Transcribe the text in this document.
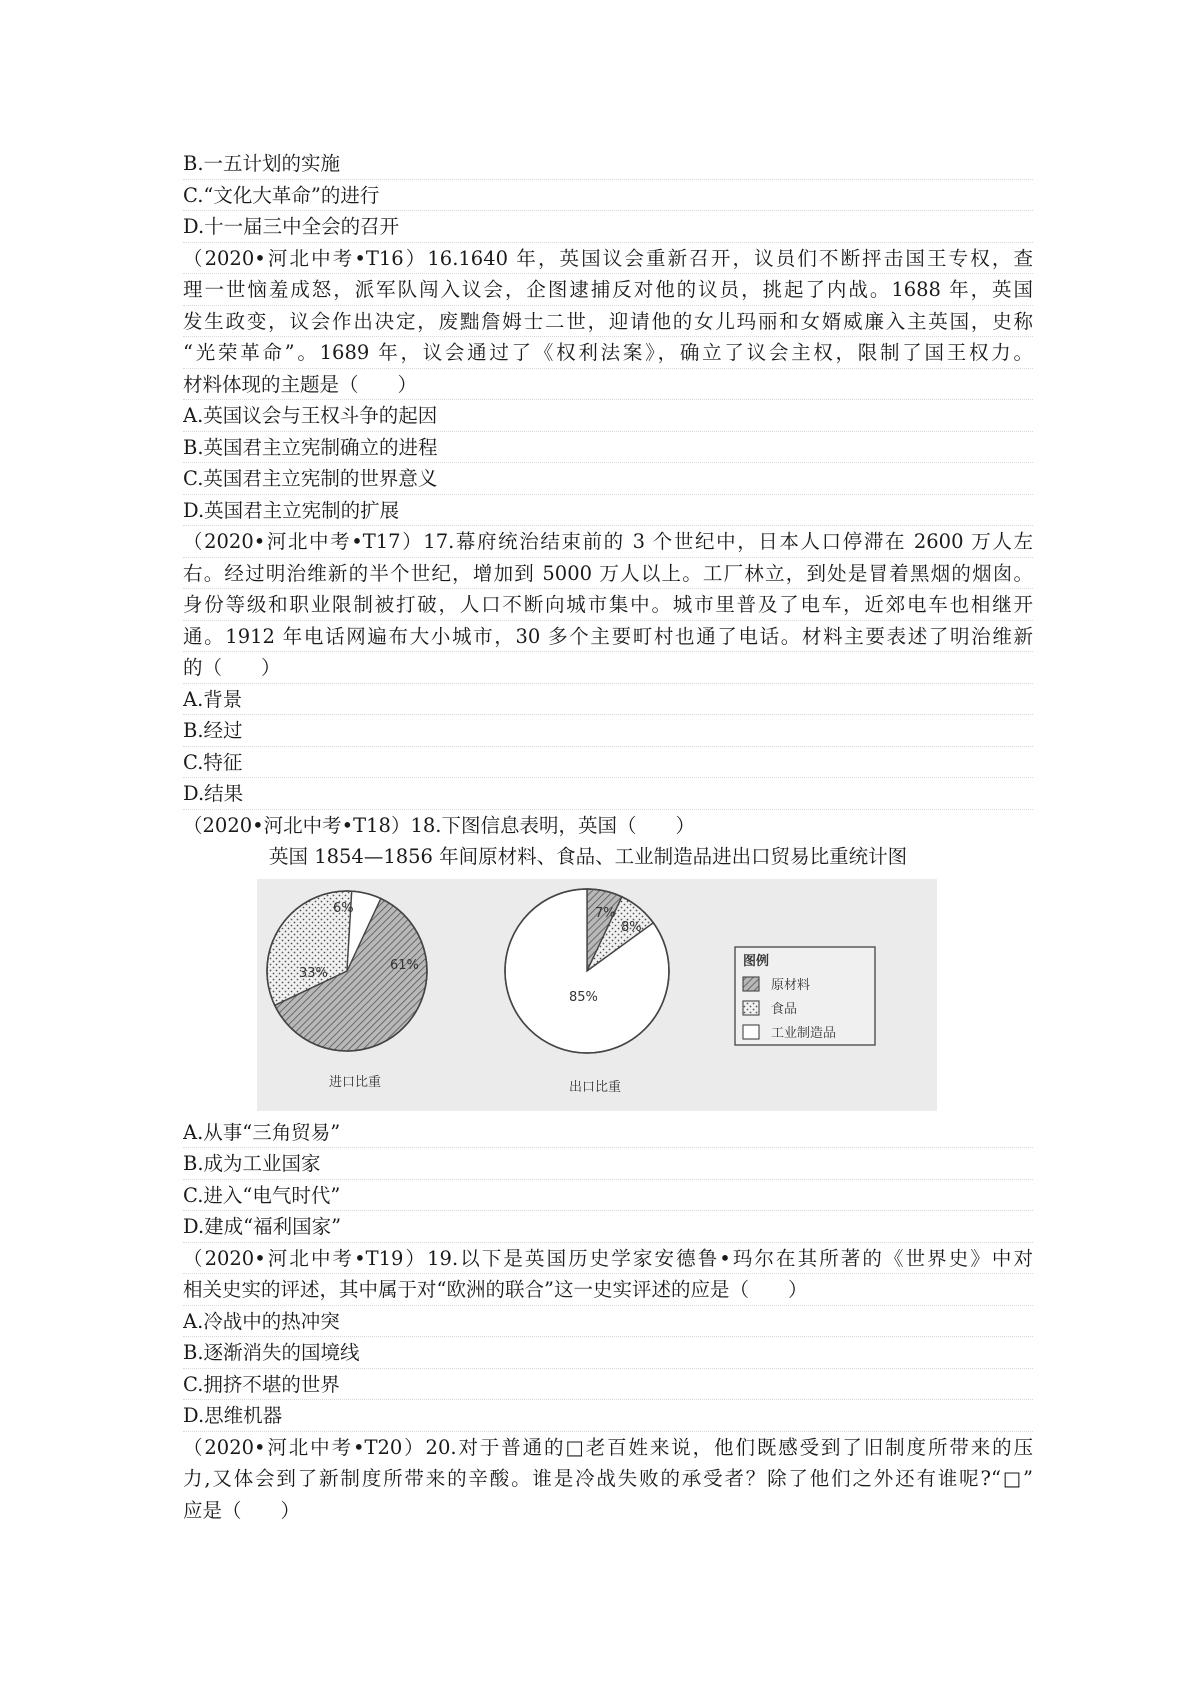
B.一五计划的实施
C.“文化大革命”的进行
D.十一届三中全会的召开
（2020•河北中考•T16）16.1640 年，英国议会重新召开，议员们不断抨击国王专权，查
理一世恼羞成怒，派军队闯入议会，企图逮捕反对他的议员，挑起了内战。1688 年，英国
发生政变，议会作出决定，废黜詹姆士二世，迎请他的女儿玛丽和女婿威廉入主英国，史称
“光荣革命”。1689 年，议会通过了《权利法案》，确立了议会主权，限制了国王权力。
材料体现的主题是（　　）
A.英国议会与王权斗争的起因
B.英国君主立宪制确立的进程
C.英国君主立宪制的世界意义
D.英国君主立宪制的扩展
（2020•河北中考•T17）17.幕府统治结束前的 3 个世纪中，日本人口停滞在 2600 万人左
右。经过明治维新的半个世纪，增加到 5000 万人以上。工厂林立，到处是冒着黑烟的烟囱。
身份等级和职业限制被打破，人口不断向城市集中。城市里普及了电车，近郊电车也相继开
通。1912 年电话网遍布大小城市，30 多个主要町村也通了电话。材料主要表述了明治维新
的（　　）
A.背景
B.经过
C.特征
D.结果
（2020•河北中考•T18）18.下图信息表明，英国（　　）
英国 1854—1856 年间原材料、食品、工业制造品进出口贸易比重统计图
61%
33%
6%
进口比重
7%
8%
85%
出口比重
图例
原材料
食品
工业制造品
A.从事“三角贸易”
B.成为工业国家
C.进入“电气时代”
D.建成“福利国家”
（2020•河北中考•T19）19.以下是英国历史学家安德鲁•玛尔在其所著的《世界史》中对
相关史实的评述，其中属于对“欧洲的联合”这一史实评述的应是（　　）
A.冷战中的热冲突
B.逐渐消失的国境线
C.拥挤不堪的世界
D.思维机器
（2020•河北中考•T20）20.对于普通的□老百姓来说，他们既感受到了旧制度所带来的压
力,又体会到了新制度所带来的辛酸。谁是冷战失败的承受者？除了他们之外还有谁呢?“□”
应是（　　）
